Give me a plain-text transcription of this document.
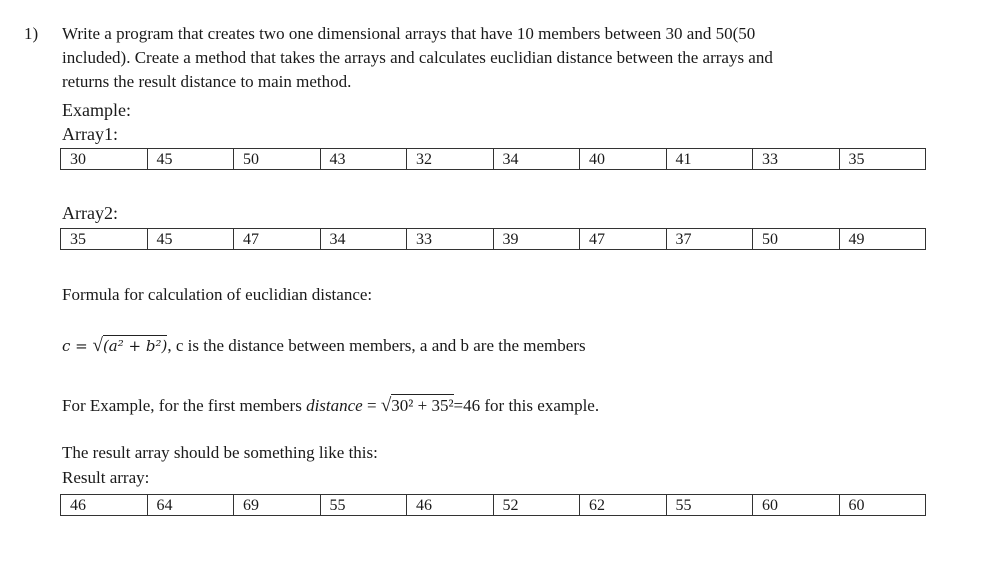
1) Write a program that creates two one dimensional arrays that have 10 members between 30 and 50(50
included). Create a method that takes the arrays and calculates euclidian distance between the arrays and
returns the result distance to main method.
Example:
Array1:
30	45	50	43	32	34	40	41	33	35
Array2:
35	45	47	34	33	39	47	37	50	49
Formula for calculation of euclidian distance:
c = √(a² + b²), c is the distance between members, a and b are the members
For Example, for the first members distance = √30² + 35²=46 for this example.
The result array should be something like this:
Result array:
46	64	69	55	46	52	62	55	60	60
